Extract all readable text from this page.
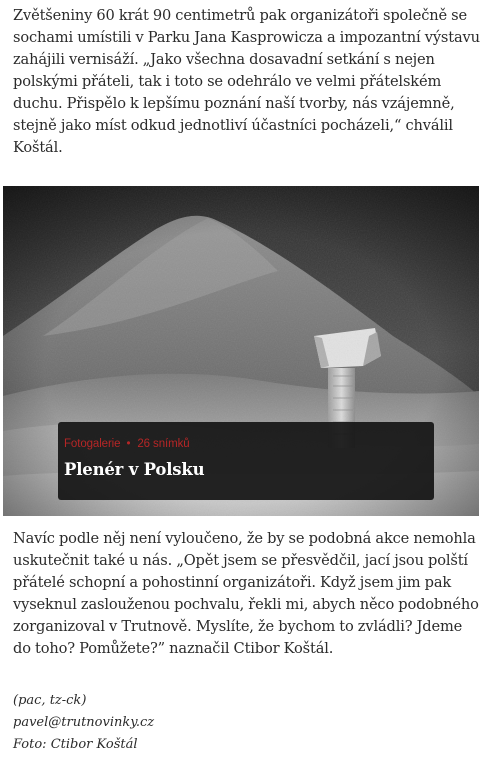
Zvětšeniny 60 krát 90 centimetrů pak organizátoři společně se sochami umístili v Parku Jana Kasprowicza a impozantní výstavu zahájili vernisáží. „Jako všechna dosavadní setkání s nejen polskými přáteli, tak i toto se odehrálo ve velmi přátelském duchu. Přispělo k lepšímu poznání naší tvorby, nás vzájemně, stejně jako míst odkud jednotliví účastníci pocházeli,“ chválil Koštál.

Fotogalerie • 26 snímků
Plenér v Polsku

Navíc podle něj není vyloučeno, že by se podobná akce nemohla uskutečnit také u nás. „Opět jsem se přesvědčil, jací jsou polští přátelé schopní a pohostinní organizátoři. Když jsem jim pak vyseknul zaslouženou pochvalu, řekli mi, abych něco podobného zorganizoval v Trutnově. Myslíte, že bychom to zvládli? Jdeme do toho? Pomůžete?” naznačil Ctibor Koštál.

(pac, tz-ck)
pavel@trutnovinky.cz
Foto: Ctibor Koštál
